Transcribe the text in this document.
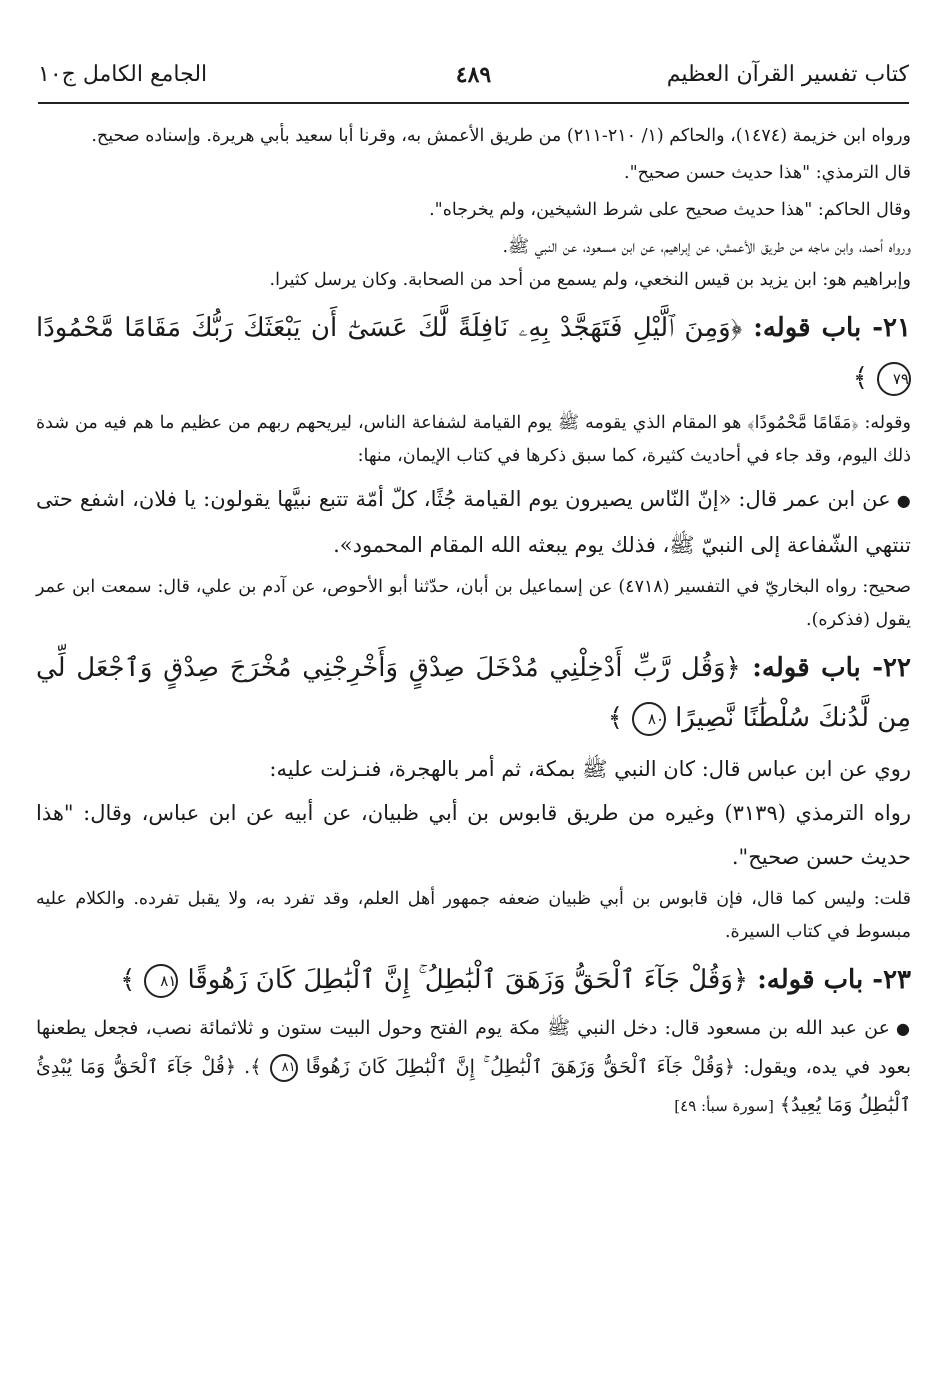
كتاب تفسير القرآن العظيم
٤٨٩
الجامع الكامل ج١٠

ورواه ابن خزيمة (١٤٧٤)، والحاكم (١/ ٢١٠-٢١١) من طريق الأعمش به، وقرنا أبا سعيد بأبي هريرة. وإسناده صحيح.

قال الترمذي: "هذا حديث حسن صحيح".

وقال الحاكم: "هذا حديث صحيح على شرط الشيخين، ولم يخرجاه".

ورواه أحمد، وابن ماجه من طريق الأعمش، عن إبراهيم، عن ابن مسعود، عن النبي ﷺ.

وإبراهيم هو: ابن يزيد بن قيس النخعي، ولم يسمع من أحد من الصحابة. وكان يرسل كثيرا.

٢١- باب قوله: ﴿وَمِنَ ٱلَّيْلِ فَتَهَجَّدْ بِهِۦ نَافِلَةً لَّكَ عَسَىٰٓ أَن يَبْعَثَكَ رَبُّكَ مَقَامًا مَّحْمُودًا ٧٩ ﴾

وقوله: ﴿مَقَامًا مَّحْمُودًا﴾ هو المقام الذي يقومه ﷺ يوم القيامة لشفاعة الناس، ليريحهم ربهم من عظيم ما هم فيه من شدة ذلك اليوم، وقد جاء في أحاديث كثيرة، كما سبق ذكرها في كتاب الإيمان، منها:

●عن ابن عمر قال: «إنّ النّاس يصيرون يوم القيامة جُثًا، كلّ أمّة تتبع نبيَّها يقولون: يا فلان، اشفع حتى تنتهي الشّفاعة إلى النبيّ ﷺ، فذلك يوم يبعثه الله المقام المحمود».

صحيح: رواه البخاريّ في التفسير (٤٧١٨) عن إسماعيل بن أبان، حدّثنا أبو الأحوص، عن آدم بن علي، قال: سمعت ابن عمر يقول (فذكره).

٢٢- باب قوله: ﴿وَقُل رَّبِّ أَدْخِلْنِي مُدْخَلَ صِدْقٍ وَأَخْرِجْنِي مُخْرَجَ صِدْقٍ وَٱجْعَل لِّي مِن لَّدُنكَ سُلْطَٰنًا نَّصِيرًا ٨٠ ﴾

روي عن ابن عباس قال: كان النبي ﷺ بمكة، ثم أمر بالهجرة، فنـزلت عليه:

رواه الترمذي (٣١٣٩) وغيره من طريق قابوس بن أبي ظبيان، عن أبيه عن ابن عباس، وقال: "هذا حديث حسن صحيح".

قلت: وليس كما قال، فإن قابوس بن أبي ظبيان ضعفه جمهور أهل العلم، وقد تفرد به، ولا يقبل تفرده. والكلام عليه مبسوط في كتاب السيرة.

٢٣- باب قوله: ﴿وَقُلْ جَآءَ ٱلْحَقُّ وَزَهَقَ ٱلْبَٰطِلُ ۚ إِنَّ ٱلْبَٰطِلَ كَانَ زَهُوقًا ٨١ ﴾

●عن عبد الله بن مسعود قال: دخل النبي ﷺ مكة يوم الفتح وحول البيت ستون و ثلاثمائة نصب، فجعل يطعنها بعود في يده، ويقول: ﴿وَقُلْ جَآءَ ٱلْحَقُّ وَزَهَقَ ٱلْبَٰطِلُ ۚ إِنَّ ٱلْبَٰطِلَ كَانَ زَهُوقًا ٨١ ﴾. ﴿قُلْ جَآءَ ٱلْحَقُّ وَمَا يُبْدِئُ ٱلْبَٰطِلُ وَمَا يُعِيدُ﴾ [سورة سبأ: ٤٩]
